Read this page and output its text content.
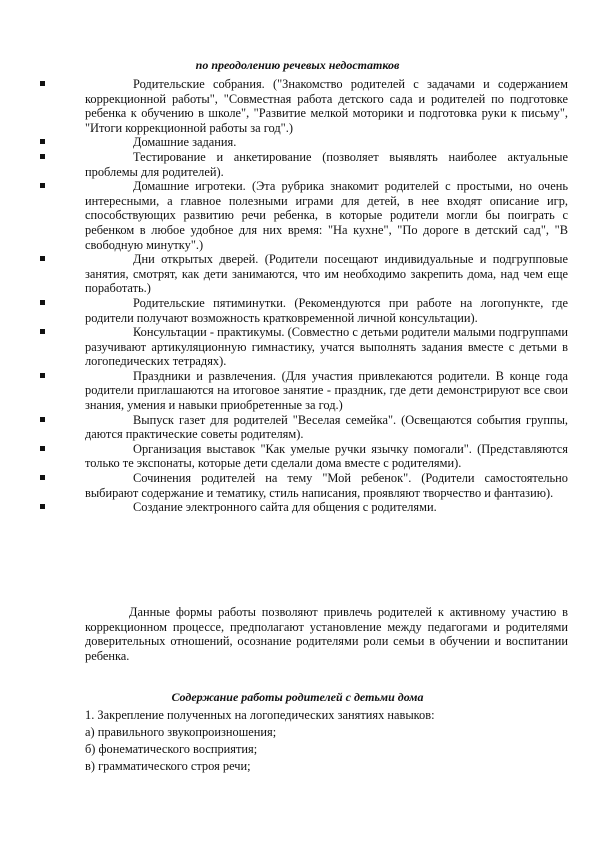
по преодолению речевых недостатков
Родительские собрания. ("Знакомство родителей с задачами и содержанием коррекционной работы", "Совместная работа детского сада и родителей по подготовке ребенка к обучению в школе", "Развитие мелкой моторики и подготовка руки к письму", "Итоги коррекционной работы за год".)
Домашние задания.
Тестирование и анкетирование (позволяет выявлять наиболее актуальные проблемы для родителей).
Домашние игротеки. (Эта рубрика знакомит родителей с простыми, но очень интересными, а главное полезными играми для детей, в нее входят описание игр, способствующих развитию речи ребенка, в которые родители могли бы поиграть с ребенком в любое удобное для них время: "На кухне", "По дороге в детский сад", "В свободную минутку".)
Дни открытых дверей. (Родители посещают индивидуальные и подгрупповые занятия, смотрят, как дети занимаются, что им необходимо закрепить дома, над чем еще поработать.)
Родительские пятиминутки. (Рекомендуются при работе на логопункте, где родители получают возможность кратковременной личной консультации).
Консультации - практикумы. (Совместно с детьми родители малыми подгруппами разучивают артикуляционную гимнастику, учатся выполнять задания вместе с детьми в логопедических тетрадях).
Праздники и развлечения. (Для участия привлекаются родители. В конце года родители приглашаются на итоговое занятие - праздник, где дети демонстрируют все свои знания, умения и навыки приобретенные за год.)
Выпуск газет для родителей "Веселая семейка". (Освещаются события группы, даются практические советы родителям).
Организация выставок "Как умелые ручки язычку помогали". (Представляются только те экспонаты, которые дети сделали дома вместе с родителями).
Сочинения родителей на тему "Мой ребенок". (Родители самостоятельно выбирают содержание и тематику, стиль написания, проявляют творчество и фантазию).
Создание электронного сайта для общения с родителями.
Данные формы работы позволяют привлечь родителей к активному участию в коррекционном процессе, предполагают установление между педагогами и родителями доверительных отношений, осознание родителями роли семьи в обучении и воспитании ребенка.
Содержание работы родителей с детьми дома
1. Закрепление полученных на логопедических занятиях навыков:
а) правильного звукопроизношения;
б) фонематического восприятия;
в) грамматического строя речи;
